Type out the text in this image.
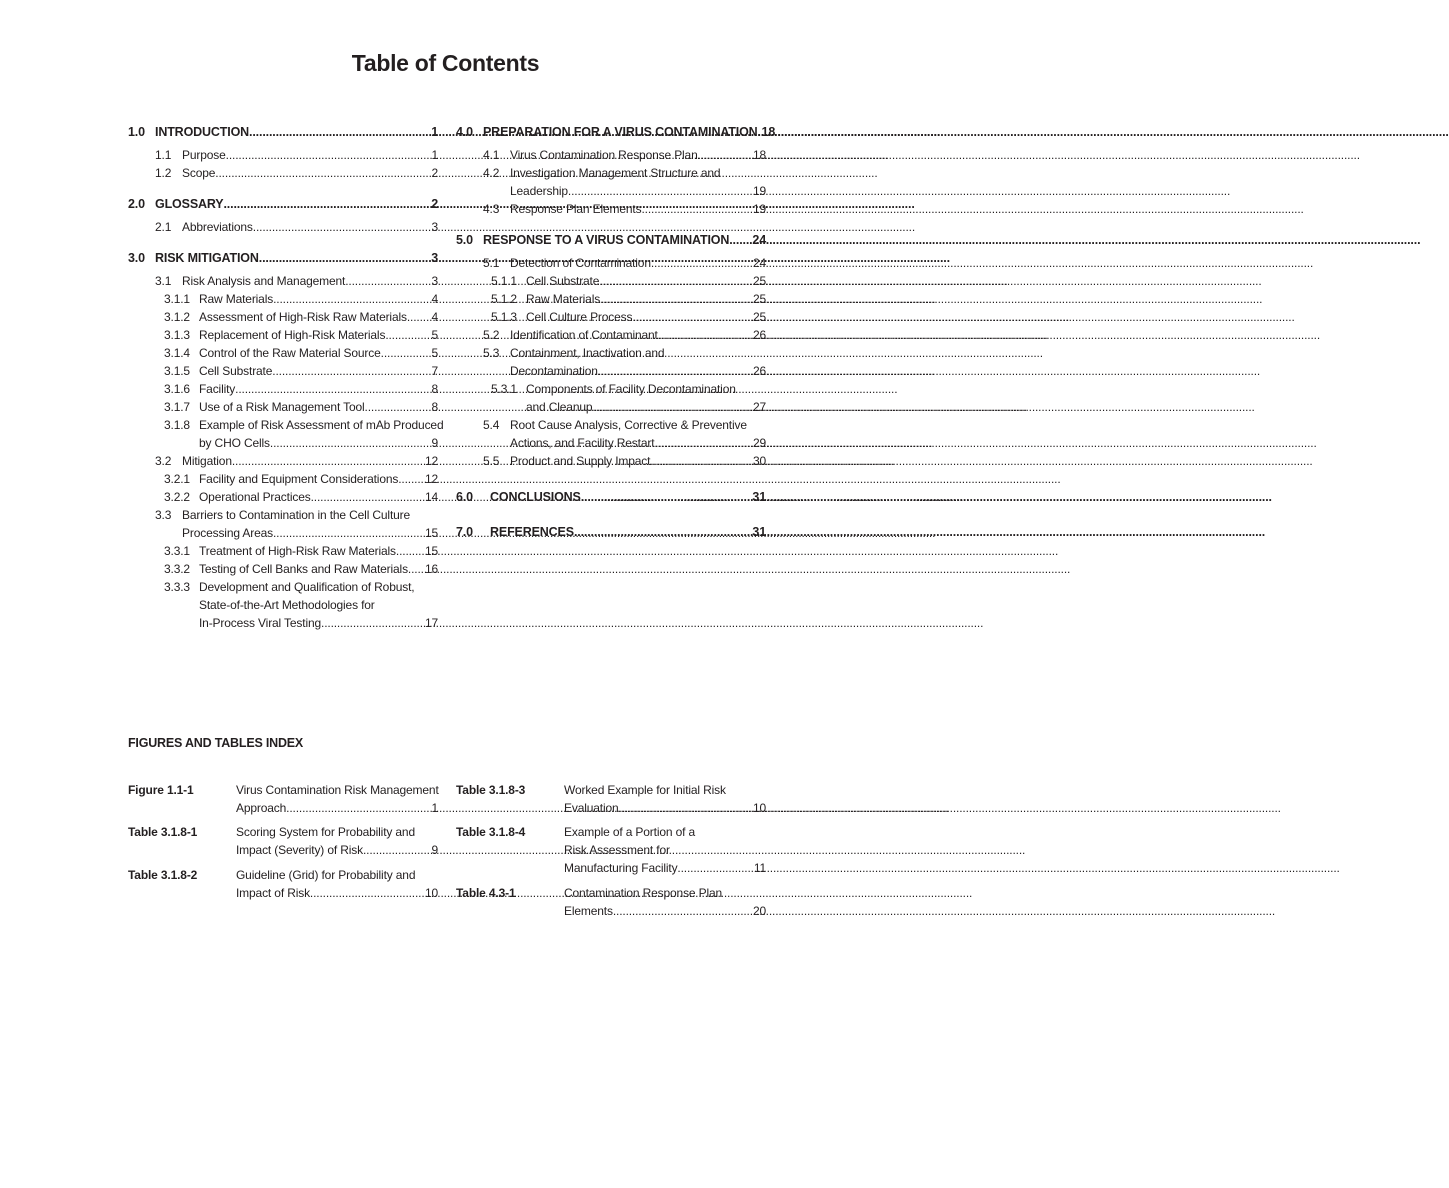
Table of Contents
1.0 INTRODUCTION .....	1
1.1 Purpose .....	1
1.2 Scope .....	2
2.0 GLOSSARY .....	2
2.1 Abbreviations .....	3
3.0 RISK MITIGATION .....	3
3.1 Risk Analysis and Management .....	3
3.1.1 Raw Materials .....	4
3.1.2 Assessment of High-Risk Raw Materials ..... 4
3.1.3 Replacement of High-Risk Materials .....	5
3.1.4 Control of the Raw Material Source .....	5
3.1.5 Cell Substrate .....	7
3.1.6 Facility .....	8
3.1.7 Use of a Risk Management Tool .....	8
3.1.8 Example of Risk Assessment of mAb Produced
by CHO Cells .....	9
3.2 Mitigation .....	12
3.2.1 Facility and Equipment Considerations ..... 12
3.2.2 Operational Practices .....	14
3.3 Barriers to Contamination in the Cell Culture
Processing Areas .....	15
3.3.1 Treatment of High-Risk Raw Materials ..... 15
3.3.2 Testing of Cell Banks and Raw Materials ..... 16
3.3.3 Development and Qualification of Robust,
State-of-the-Art Methodologies for
In-Process Viral Testing .....	17
4.0 PREPARATION FOR A VIRUS CONTAMINATION ..... 18
4.1 Virus Contamination Response Plan .....	18
4.2 Investigation Management Structure and
Leadership .....	19
4.3 Response Plan Elements .....	19
5.0 RESPONSE TO A VIRUS CONTAMINATION ..... 24
5.1 Detection of Contamination .....	24
5.1.1 Cell Substrate .....	25
5.1.2 Raw Materials .....	25
5.1.3 Cell Culture Process .....	25
5.2 Identification of Contaminant .....	26
5.3 Containment, Inactivation and
Decontamination .....	26
5.3.1 Components of Facility Decontamination
and Cleanup .....	27
5.4 Root Cause Analysis, Corrective & Preventive
Actions, and Facility Restart .....	29
5.5 Product and Supply Impact .....	30
6.0	CONCLUSIONS .....	31
7.0	REFERENCES .....	31
FIGURES AND TABLES INDEX
Figure 1.1-1	Virus Contamination Risk Management
Approach .....	1
Table 3.1.8-1	Scoring System for Probability and
Impact (Severity) of Risk .....	9
Table 3.1.8-2	Guideline (Grid) for Probability and
Impact of Risk .....	10
Table 3.1.8-3	Worked Example for Initial Risk
Evaluation .....	10
Table 3.1.8-4	Example of a Portion of a
Risk Assessment for
Manufacturing Facility .....	11
Table 4.3-1	Contamination Response Plan
Elements .....	20
